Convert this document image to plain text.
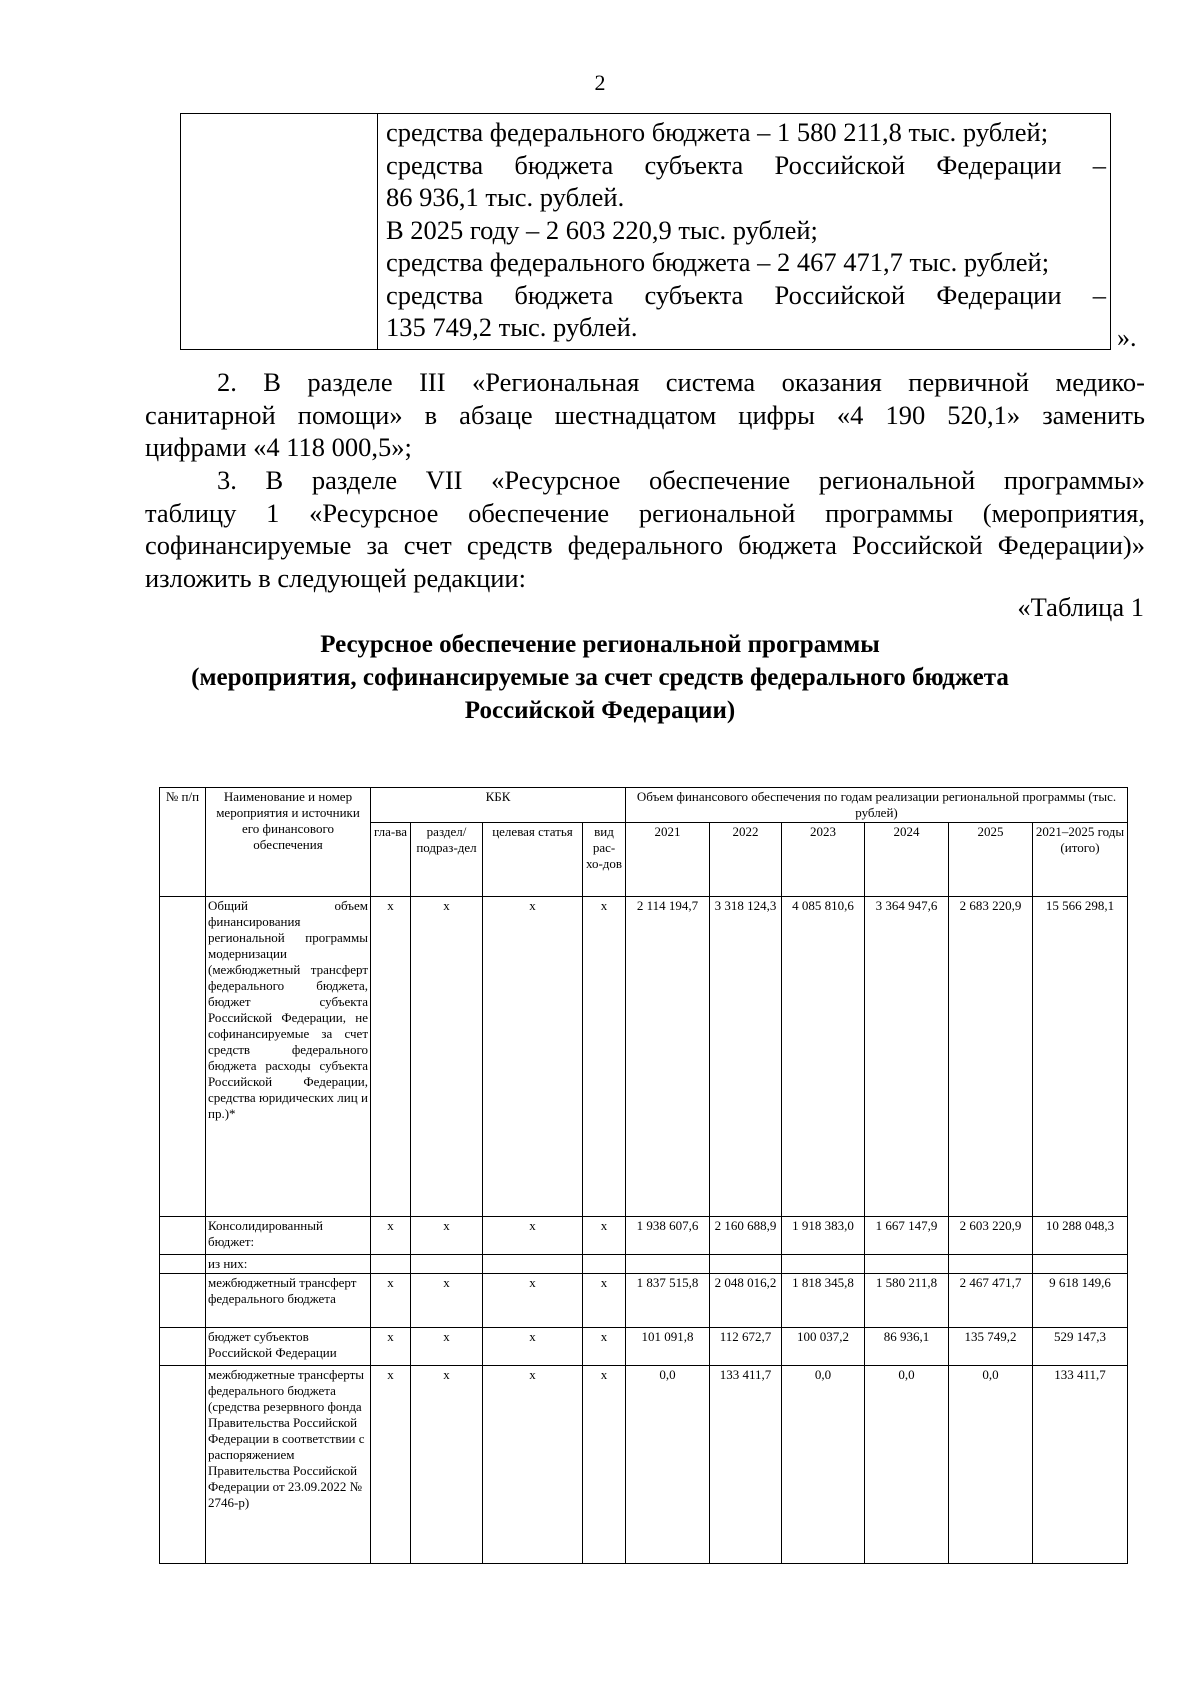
2

средства федерального бюджета – 1 580 211,8 тыс. рублей;
средства бюджета субъекта Российской Федерации –
86 936,1 тыс. рублей.
В 2025 году – 2 603 220,9 тыс. рублей;
средства федерального бюджета – 2 467 471,7 тыс. рублей;
средства бюджета субъекта Российской Федерации –
135 749,2 тыс. рублей.	».
2. В разделе III «Региональная система оказания первичной медико-
санитарной помощи» в абзаце шестнадцатом цифры «4 190 520,1» заменить
цифрами «4 118 000,5»;
3. В разделе VII «Ресурсное обеспечение региональной программы»
таблицу 1 «Ресурсное обеспечение региональной программы (мероприятия,
софинансируемые за счет средств федерального бюджета Российской Федерации)»
изложить в следующей редакции:
«Таблица 1
Ресурсное обеспечение региональной программы
(мероприятия, софинансируемые за счет средств федерального бюджета
Российской Федерации)
№ п/п	Наименование и номер мероприятия и источники его финансового обеспечения	КБК				Объем финансового обеспечения по годам реализации региональной программы (тыс. рублей)					
		гла-ва	раздел/ подраз-дел	целевая статья	вид рас-хо-дов	2021	2022	2023	2024	2025	2021–2025 годы (итого)
	Общий объем финансирования региональной программы модернизации (межбюджетный трансферт федерального бюджета, бюджет субъекта Российской Федерации, не софинансируемые за счет средств федерального бюджета расходы субъекта Российской Федерации, средства юридических лиц и пр.)*	х	х	х	х	2 114 194,7	3 318 124,3	4 085 810,6	3 364 947,6	2 683 220,9	15 566 298,1
	Консолидированный бюджет:	х	х	х	х	1 938 607,6	2 160 688,9	1 918 383,0	1 667 147,9	2 603 220,9	10 288 048,3
	из них:										
	межбюджетный трансферт федерального бюджета	х	х	х	х	1 837 515,8	2 048 016,2	1 818 345,8	1 580 211,8	2 467 471,7	9 618 149,6
	бюджет субъектов Российской Федерации	х	х	х	х	101 091,8	112 672,7	100 037,2	86 936,1	135 749,2	529 147,3
	межбюджетные трансферты федерального бюджета (средства резервного фонда Правительства Российской Федерации в соответствии с распоряжением Правительства Российской Федерации от 23.09.2022 № 2746-р)	х	х	х	х	0,0	133 411,7	0,0	0,0	0,0	133 411,7
